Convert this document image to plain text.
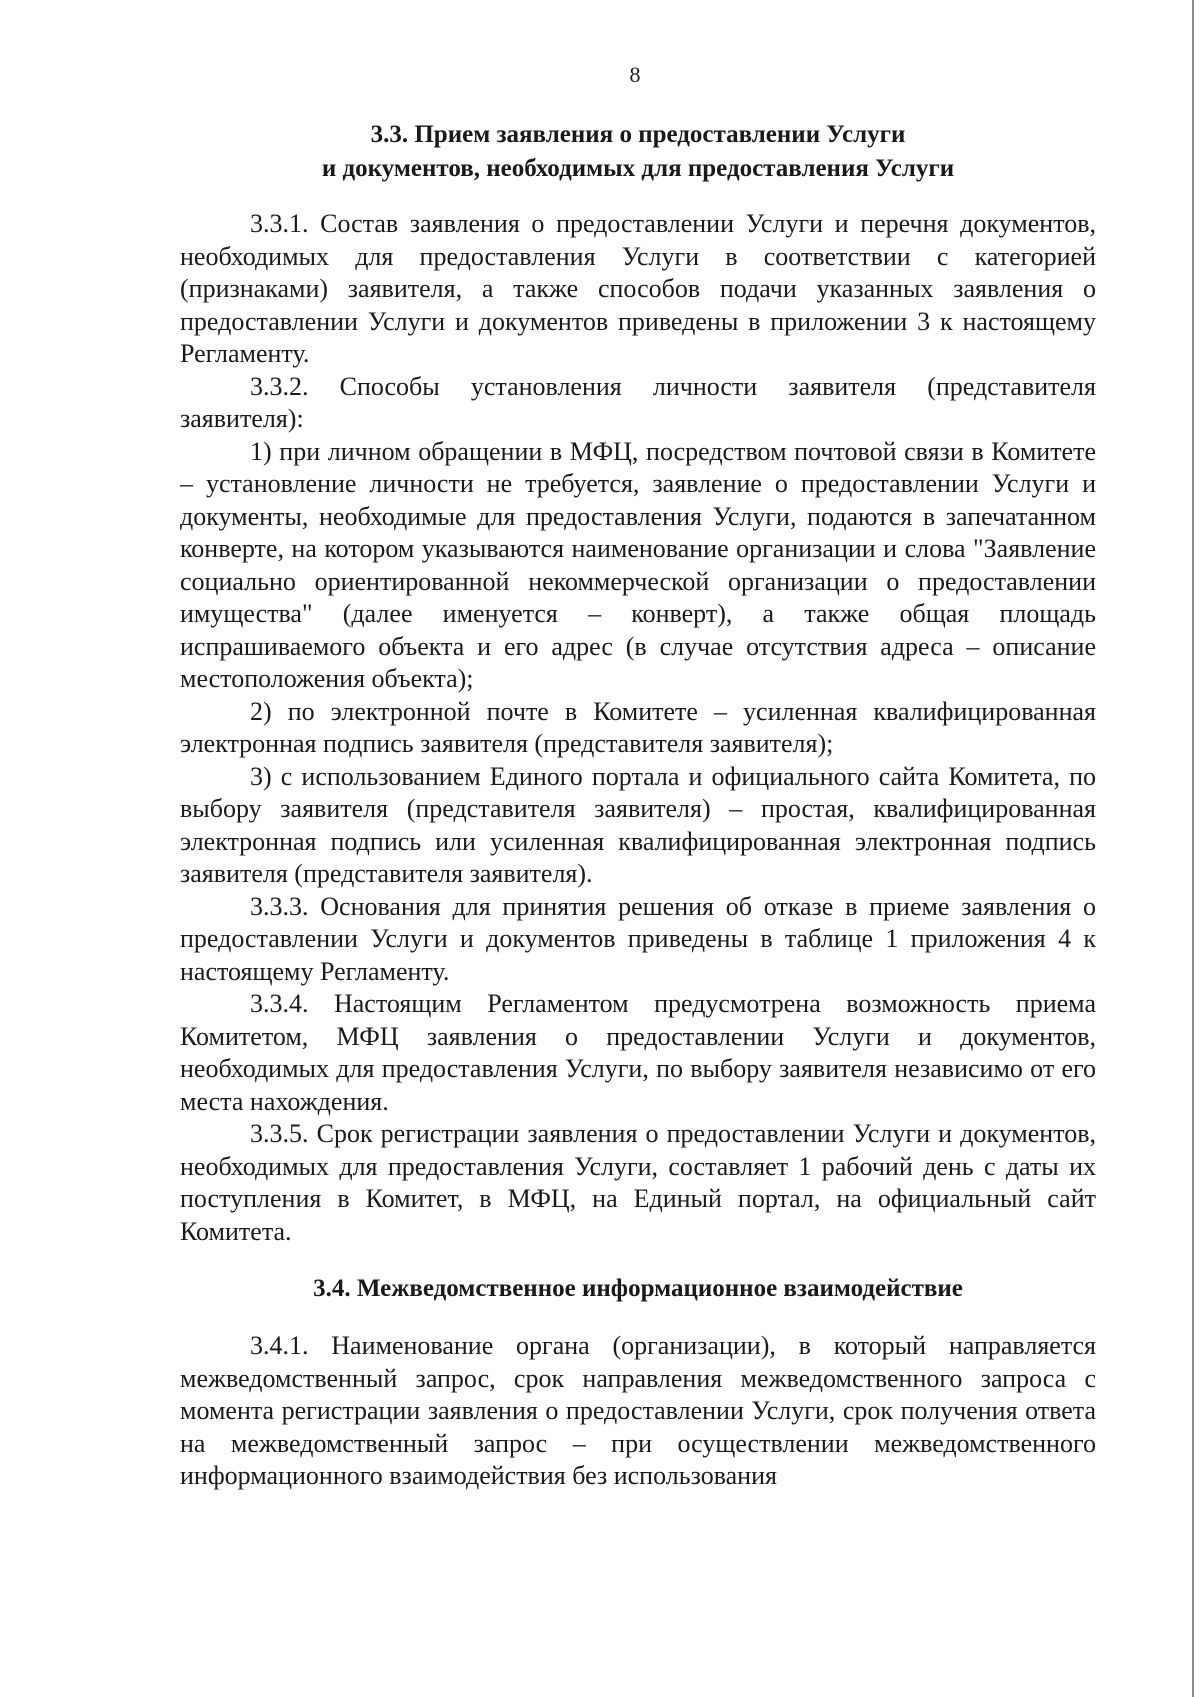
8
3.3. Прием заявления о предоставлении Услуги
и документов, необходимых для предоставления Услуги

3.3.1. Состав заявления о предоставлении Услуги и перечня документов, необходимых для предоставления Услуги в соответствии с категорией (признаками) заявителя, а также способов подачи указанных заявления о предоставлении Услуги и документов приведены в приложении 3 к настоящему Регламенту.

3.3.2. Способы установления личности заявителя (представителя заявителя):

1) при личном обращении в МФЦ, посредством почтовой связи в Комитете – установление личности не требуется, заявление о предоставлении Услуги и документы, необходимые для предоставления Услуги, подаются в запечатанном конверте, на котором указываются наименование организации и слова "Заявление социально ориентированной некоммерческой организации о предоставлении имущества" (далее именуется – конверт), а также общая площадь испрашиваемого объекта и его адрес (в случае отсутствия адреса – описание местоположения объекта);

2) по электронной почте в Комитете – усиленная квалифицированная электронная подпись заявителя (представителя заявителя);

3) с использованием Единого портала и официального сайта Комитета, по выбору заявителя (представителя заявителя) – простая, квалифицированная электронная подпись или усиленная квалифицированная электронная подпись заявителя (представителя заявителя).

3.3.3. Основания для принятия решения об отказе в приеме заявления о предоставлении Услуги и документов приведены в таблице 1 приложения 4 к настоящему Регламенту.

3.3.4. Настоящим Регламентом предусмотрена возможность приема Комитетом, МФЦ заявления о предоставлении Услуги и документов, необходимых для предоставления Услуги, по выбору заявителя независимо от его места нахождения.

3.3.5. Срок регистрации заявления о предоставлении Услуги и документов, необходимых для предоставления Услуги, составляет 1 рабочий день с даты их поступления в Комитет, в МФЦ, на Единый портал, на официальный сайт Комитета.

3.4. Межведомственное информационное взаимодействие

3.4.1. Наименование органа (организации), в который направляется межведомственный запрос, срок направления межведомственного запроса с момента регистрации заявления о предоставлении Услуги, срок получения ответа на межведомственный запрос – при осуществлении межведомственного информационного взаимодействия без использования
